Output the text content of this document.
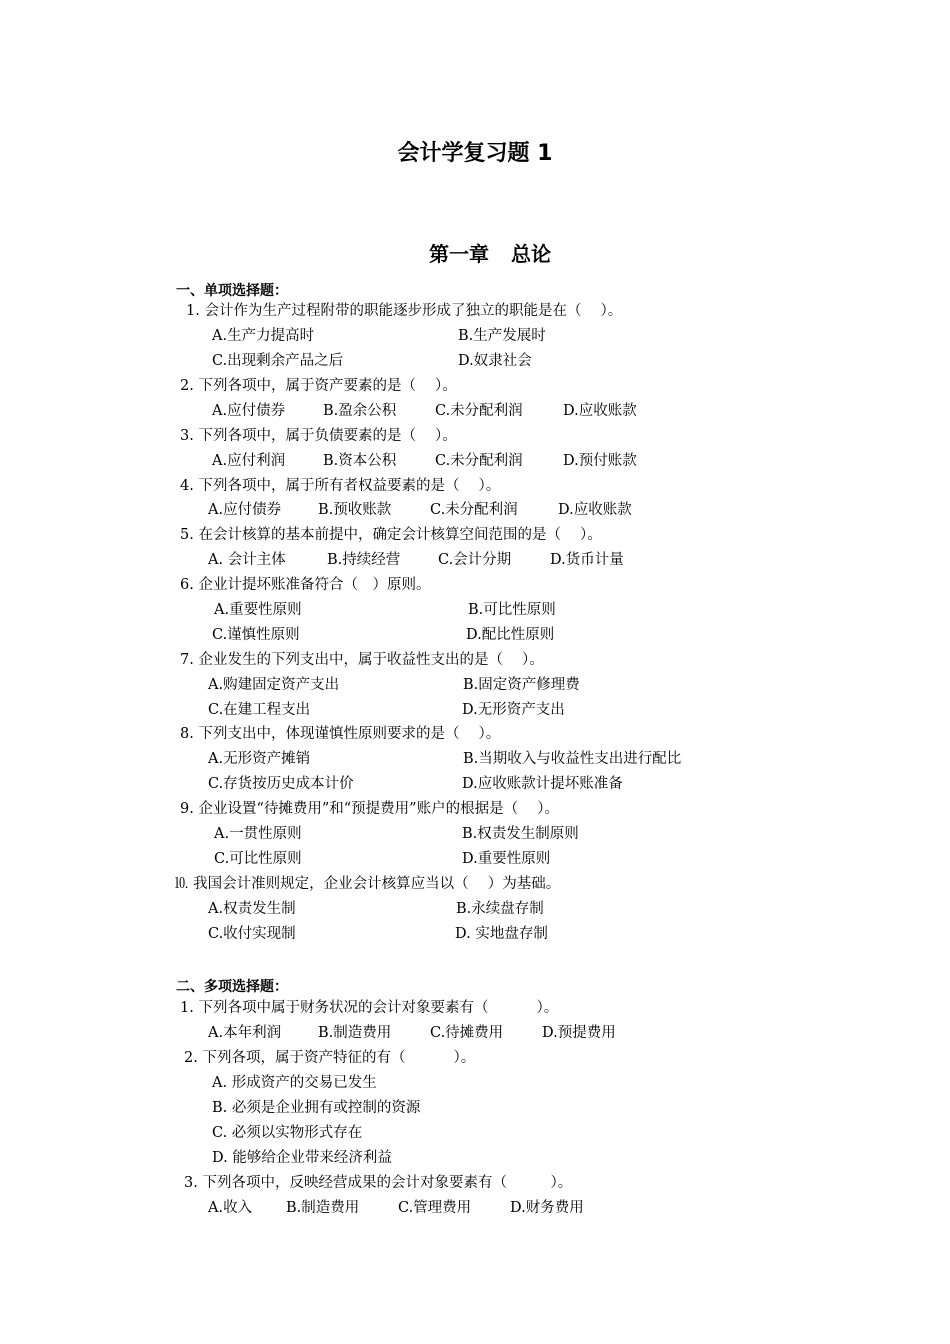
会计学复习题 1
第一章 总论
一、单项选择题：
1. 会计作为生产过程附带的职能逐步形成了独立的职能是在（　 ）。
A.生产力提高时	B.生产发展时
C.出现剩余产品之后	D.奴隶社会
2. 下列各项中，属于资产要素的是（　 ）。
A.应付债券	B.盈余公积	C.未分配利润	D.应收账款
3. 下列各项中，属于负债要素的是（　 ）。
A.应付利润	B.资本公积	C.未分配利润	D.预付账款
4. 下列各项中，属于所有者权益要素的是（　 ）。
A.应付债券	B.预收账款	C.未分配利润	D.应收账款
5. 在会计核算的基本前提中，确定会计核算空间范围的是（　 ）。
A. 会计主体	B.持续经营	C.会计分期	D.货币计量
6. 企业计提坏账准备符合（　）原则。
A.重要性原则	B.可比性原则
C.谨慎性原则	D.配比性原则
7. 企业发生的下列支出中，属于收益性支出的是（　 ）。
A.购建固定资产支出	B.固定资产修理费
C.在建工程支出	D.无形资产支出
8. 下列支出中，体现谨慎性原则要求的是（　 ）。
A.无形资产摊销	B.当期收入与收益性支出进行配比
C.存货按历史成本计价	D.应收账款计提坏账准备
9. 企业设置“待摊费用”和“预提费用”账户的根据是（　 ）。
A.一贯性原则	B.权责发生制原则
C.可比性原则	D.重要性原则
⒑ 我国会计准则规定，企业会计核算应当以（　 ）为基础。
A.权责发生制	B.永续盘存制
C.收付实现制	D. 实地盘存制
二、多项选择题：
1. 下列各项中属于财务状况的会计对象要素有（　　　 ）。
A.本年利润	B.制造费用	C.待摊费用	D.预提费用
2. 下列各项，属于资产特征的有（　　　 ）。
A. 形成资产的交易已发生
B. 必须是企业拥有或控制的资源
C. 必须以实物形式存在
D. 能够给企业带来经济利益
3. 下列各项中，反映经营成果的会计对象要素有（　　　）。
A.收入 B.制造费用	C.管理费用	D.财务费用
